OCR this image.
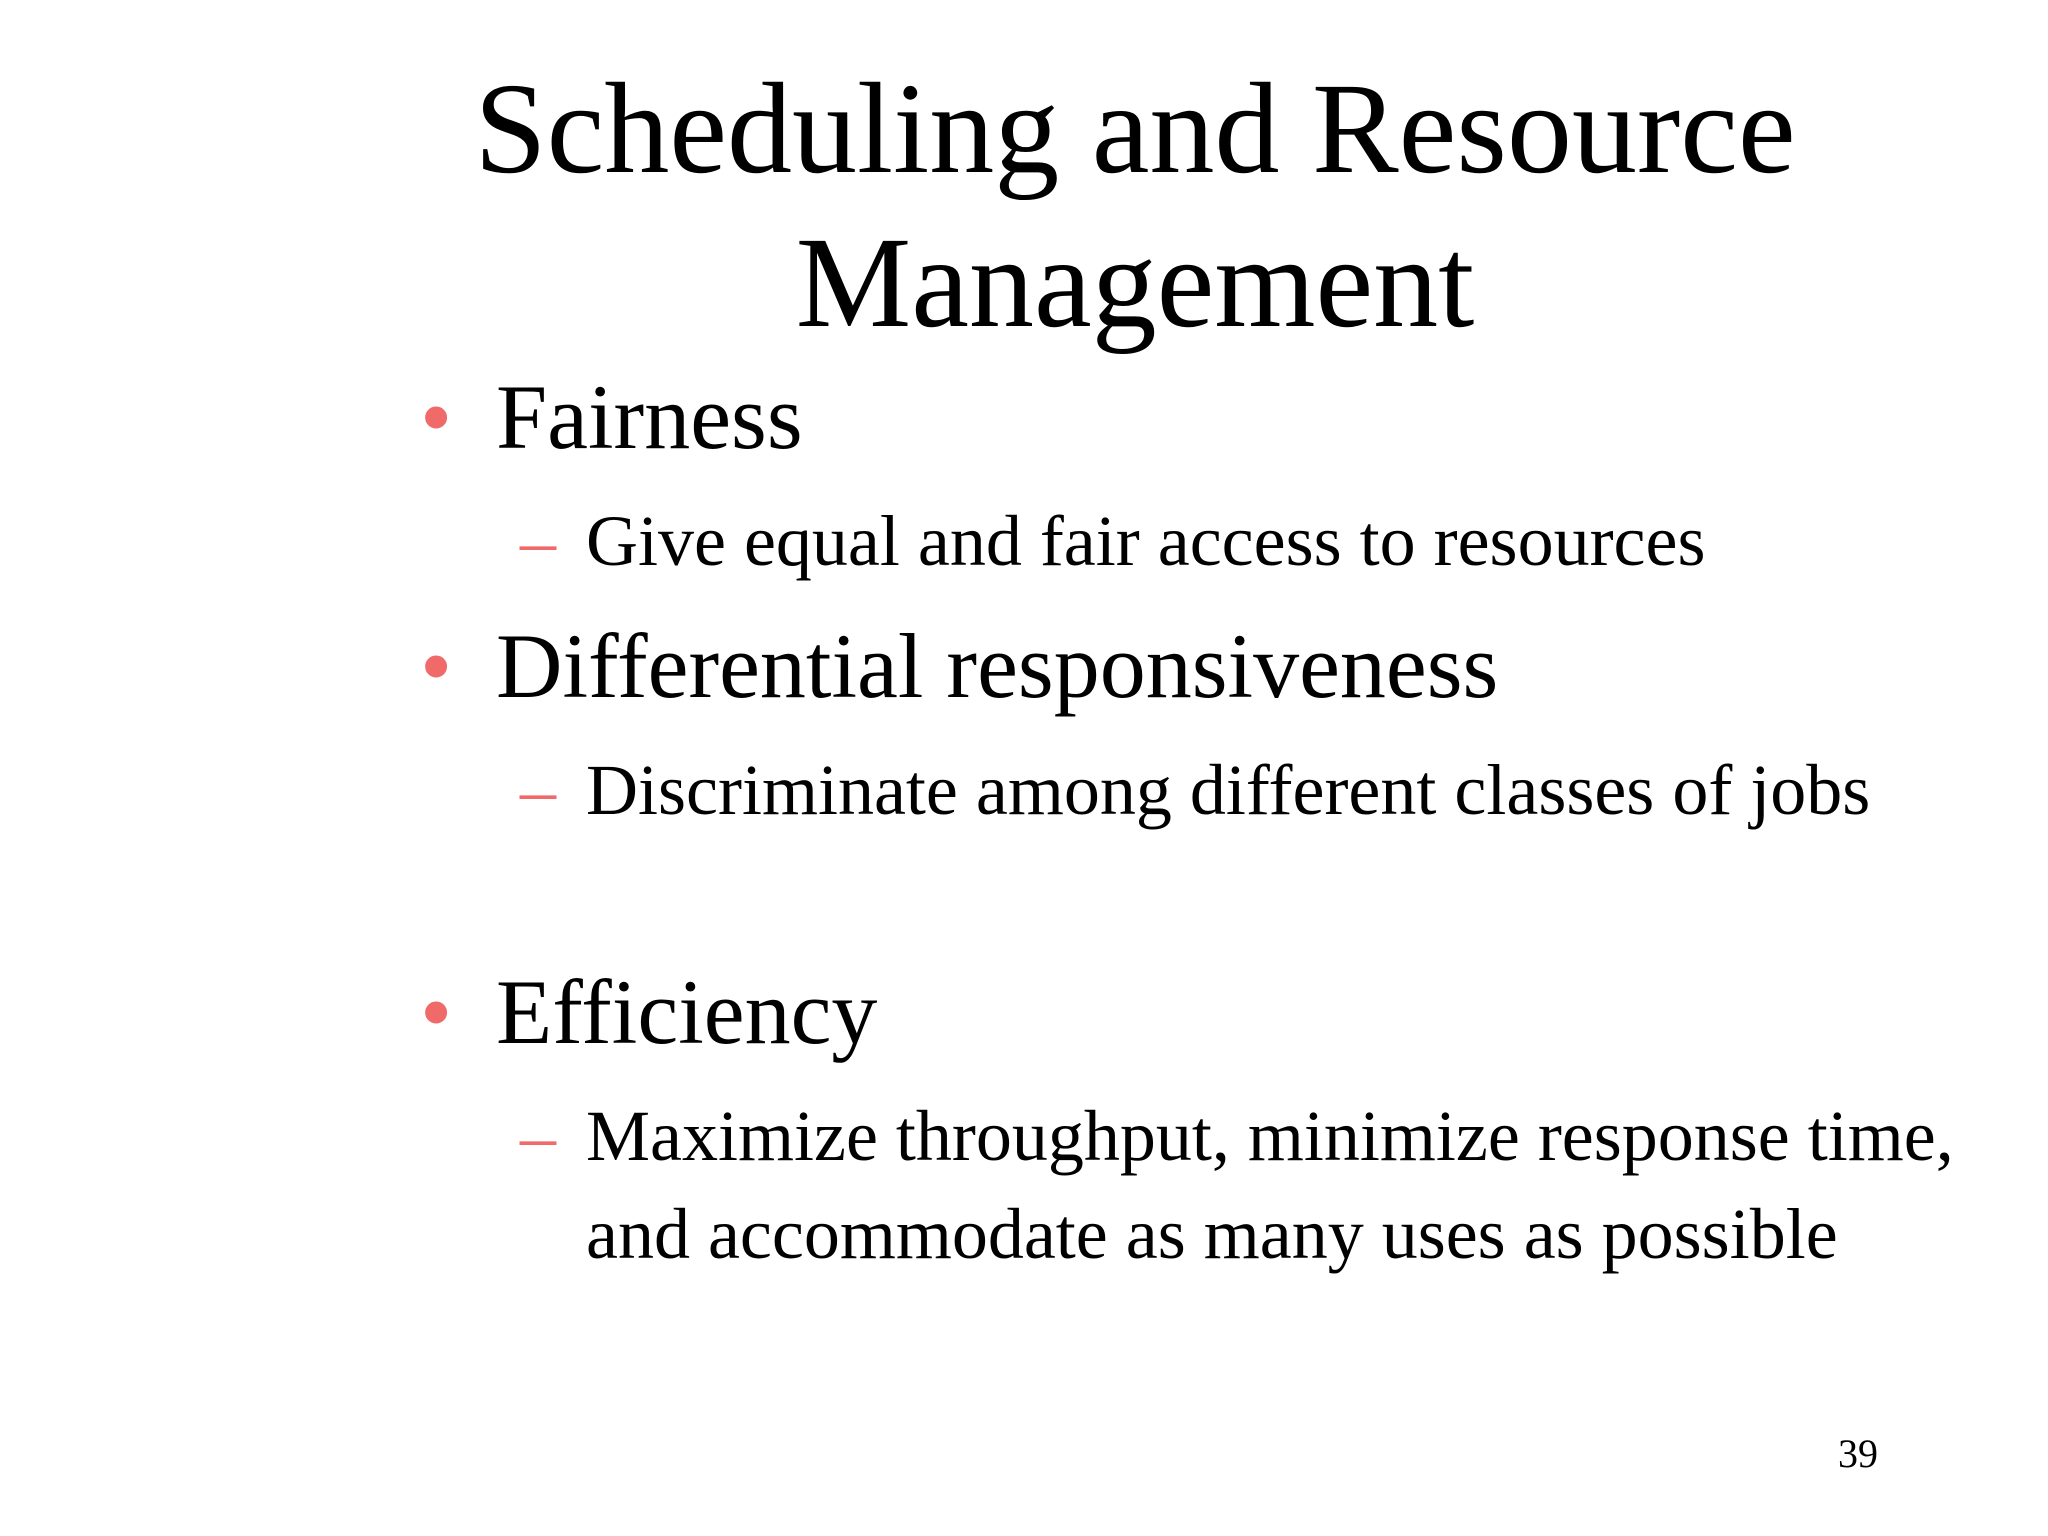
Scheduling and Resource Management
• Fairness
– Give equal and fair access to resources
• Differential responsiveness
– Discriminate among different classes of jobs
• Efficiency
– Maximize throughput, minimize response time, and accommodate as many uses as possible
39
